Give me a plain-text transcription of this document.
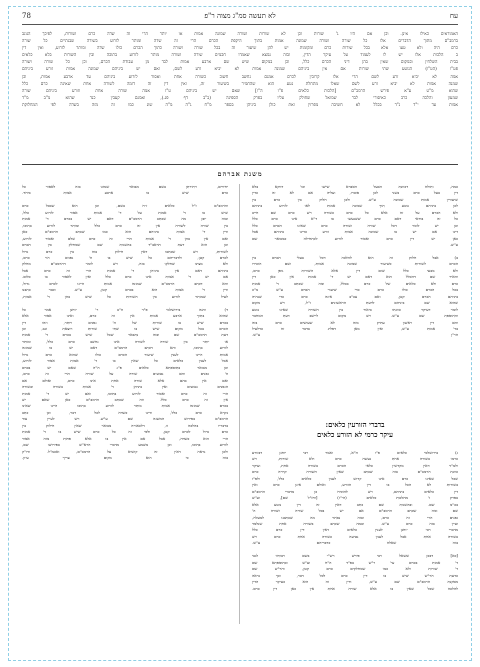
עח
לא תעשה סמ"ג מצוה ר"פ
78
האמוראים כאילו אינן. וכן אם היו ג' שורות וכן לא שורות ושורה שמונה אמות או יותר הרי זה שדה כרם ושורות, לפיכך הגונב
ברמב"ם מתוך הדברים אלו כל שורה ושורה שמונה אמות בתוך היקפת הכרם הרי זה שדה ומותר לזרוע בשורה שבנתיים כל שורה
כרם היה ולא טעו אלא בכל שורות כרם ומקומות יש להן שיעור זה בכל שורה ושורה כתוך הכרם כולו שדה ומותר לזרוע, ואין דין
ב הלכות אלו יש לו לעמוד על עיקר הדין, ובזה נמצא שאמרו חכמים שורה ושורה מותר לזרוע בתוכה ובין השורות בלא כלאים
בבית השלחין ובמקום שאין בהן דיני הכרם כלל, וכן במקום שיש שם ארבע אמות לבד מן עבודת הכרם, וכן כל שורה ושורה
פט"ו (הט"ו) הנוטע שתי שורות אם אין ביניהם שמונה אמות לא יביא זרע לשם, ואם יש ביניהם שמונה אמות זורע ביניהם
אמה לא יביא זרע לשם הרי אלו קרובין לכרם אמנם נחשב חשוב כשורה אחת ואסור לזרוע ביניהם עד ארבע אמות, וכן
שמנה אמות לא יביא זרע לשם שאלו מתחלת נטע הוא שהחמיר בשיעור זה, ואין דין זה דומה לשורה אחת שאינה כרם כלל
שהוא מ"ט ע"א פירש הרמב"ם [הלכות כלאים פ"ו ה"ו] שאם יש ביניהם ט"ז אמה שורה אחת וזורע ביניהם שורה
שמעון והלכה כרב כאיסורי לבר שמואל שחולק עליו בפרק הספינה (ב"ב דף פג.), ואמנם קעבין כנד שהוא מ"ב מ"ד
אמות עד י"ד ג"ד בכלל לא חשיבה מפרזין ואת כולן ביניהן בספר מ"ח ג"ה מ"ה שונ כמו זה מזה בשדה לפי המחלוקת
משנת אברהם
כמה, ותולה דכוונת הבעל הסברא שישו וכו' דווקא בלא
דין בעל כרם בשני לכן סוברו, ועליה אם לא זה כדין
שיעורין אמות שמונה ע"ש. ולכן חלוק בין כרם בין
לכן ביניהם נוטע תוך שמונה אמות לאו לזרוע ביניהם
ולא הכרם על זה אלא כל כרם כשורה ויש כרם שם חייב
כל זה בודאי דאם כרם ששנעשו בו ד"א אינו כרם כלל
וכן יש לומר דכל שורה ושורה כרם שאינו הכרם כלל
דינו אם יש בו שמונה אמות זורע כדינו ביניהם אבל
כאן יש דין כרם ואסור לזרוע לכתחילה כמבואר שם
ע"ש.

ב) אבל חלוק זה הוא להלכה דכל בעלי הכרם בין
הכרם לשורות כשיעור שמונה אמות, ושם הזכירו
ולא מבעי כלל שום דין אלא השורות גופן כרם,
והאיר שם דהכלל הוא דאם יש ד' אמות אין כאן דין
כרם ולא כלאים של כרם בכלל, ומה שכתב ד' אמות
בכל הכרם כולו כרם כדי שיעור הכרם ע"ש מ"כ
ביניהם הכרם קטן, ואם עכ"ב אינה כרם כדי שנהיה
שהוא שם ביניהם לדעת הראשונים ז"ל, ויש מקום
לומר דעיקר כוונתו ביאור בין השורה שאינו נוטע
והתוספת שם ע"ש. ויש מקום ליישב דעת המחבר
והם דין ראשון עתיק מזה לא שעושים כרם בזה
בד' אמות ע"ש, ואין מאן דפליג בדבר זה כדלעיל
הר"ן ע"ש.
יחידים, ויתירתן בשם מבואר שנהגו בזה לאסור כל
כרם שיש בו ארבע אמות ביחד.

והרמב"ם ז"ל כלאים ז-ח בשם, וכן הוא שבכל כרם
שיש בו ד' אמות על ד' אמות אסור לזרוע כלל,
ובזה יובן מה שכתב הרמב"ם דאם יש בכרם ד' אמות
בין שורה לשורה אין זה כרם כלל ומותר לזרוע בתוכו,
ודין ד' אמות ביניהם הוא כמו שכתב הרמב"ם כאן
ואם אין בהן ד' אמות הרי זה כרם שלם ואסור לזרוע,
וכן הוא דעת הראב"ד בהשגות שם שמחלק בין הכרם
לשורות, ויש שכתבו דאין חילוק בזה בין כרם גדול
לכרם קטן, ולדבריהם כל שיש בו ה' גפנים הוי כרם,
ולא מצינו שחלקו בזה, ויש לומר דהרמב"ם מחלק
ביניהם דאם אין ביניהן ד' אמות הרי זה כרם אבל
אם יש ד' אמות אינו כרם כלל ואין לאסור בו כלום.
והא דכתב הרמב"ם שמונה אמות היינו לכרם גדול,
ודין ד' אמות הוא בכרם קטן, ע"ש. וכבר כתבנו
לעיל שמותר לזרוע בין השורות כל שיש בהן ד' אמות,

ד) והנה בירושלמי פ"ד ה"ב ר' יוחנן אמר כל
שהוא בתוך ארבע אמות אין זה כרם, ואינו אסור אלא
בכרם שיש בו שורות של ה' גפנים ויותר, וזהו דין
הכרם בכל מקום שיש בו שתי שורות ויוצאת זנב, וכן
דעת הרמב"ם שם ובזה נתבאר שכל שיש בכרם ד' אמות
או יותר בין שורה לשורה אינו נחשב כרם כלל, ומותר
לזרוע בתוכו, והא דכתב הרמב"ם דאם יש בו שמונה
אמות היינו לענין שיעור הכרם כולו שהוא כרם גדול
אבל לענין כלאים כל שאין בו ד' אמות אסור לזרוע,
וכן מבואר בתוספתא כלאים פ"ג ה"ה שאם יש בכרם
ה' גפנים והם נטועים שורה על שורה הרי זה כרם,
ואם אין בהם אלא שורה אחת אינו כרם, ואולם אם
הגפנים נטועים ואין ביניהן ד' אמות בשורה ובשורה
הרי זה כרם ואסור לזרוע בתוכו, ואם יש ד' אמות
אין זה כרם כלל. וזה שכתב הרמב"ם כאן שאם יש
בכרם שמונה אמות מותר לזרוע בתוכו היינו שאינו
נקרא כרם כלל, ודינו כשדה לכל דבר, וכן כתב
הרמב"ם בפירוש המשנה שם ע"ש. ויש לעיין עוד
בדבריו בהלכה זו, דלכאורה מבואר שאין חילוק בין
כרם גדול לכרם קטן, ולפי זה כל כרם שיש בו ד' אמות
הרי הוא כשדה, אבל אם אין בו אלא פחות מזה אסור
לזרוע בתוכו, וכן משמע מדברי הרא"ש בפירושו שם,
ולכן נראה דאין זה קושיא על הרמב"ם, ואכמ"ל. ודו"ק
בזה כי הוא מקום צריך עיון.
בדברי הזורעין כלאים:
עיקר כרמי לא הזורע כלאים
ג) בירושלמי כלאים פ"ו ה"א, ואמר רבי יוחנן דבזורע
כרמו בשורה אחת נעשה כרם ולא שורות, ויש
ולמ"ד דאין מקדשין כלאי הכרם בשורה אחת, ועיקר
כוונת הרמב"ם בזה שכתב שאין השורה קרויה כרם
שכל שאינו כרם אינו קדוש לענין כלאים כלל, ולפ"ז
בשורות לא הכל בו דין הזורע, ואולם אינן כרם ואין
דין כלאים ביניהם, ויש להוכיח כן מדברי הרמב"ם
בפרק ז' מהלכות כלאים (הי"ז) [וחז"ל שם], וע"ש
בכ"מ שם. ובהשגות שם כתב דאין זה דין נוטע אלא
שם ומה שכתב הרמב"ם אם יש בכל שורה ושורה ה'
גפנים הרי זה כרם, ובזה נסתר מה שכתבנו למעלה,
ועיין בזה כרם ע"ש. ובמה שכתב בשורה אחת שנלמד
מדברי רבי יוחנן לענין כלאים דאין דין כרם כלל
בשורה אחת אבל לענין נטיעה כשורה אחת כרם ויש
בזה שאלה כדבריהם ע"ש.

[כא] דבכן ששאל רבי פירש רש"י בשם רבותיו לגבי
ד' אמות בכרם עי' ר"ש בפ"ד ה"ח וע"ש ובתוספתא שם
ד' שורות ולא כמו שמחלקים כרם קטן, והר"ש שם
כדעת הר"ש שיש בו דין כרם לכל דבר, וכך נראה
מסקנת הרמב"ם שם ע"ש, ודין זה הוא כעיקר הדין
להלכה שכל שאין בו אלא שורה אחת אין כאן דין כרם.
